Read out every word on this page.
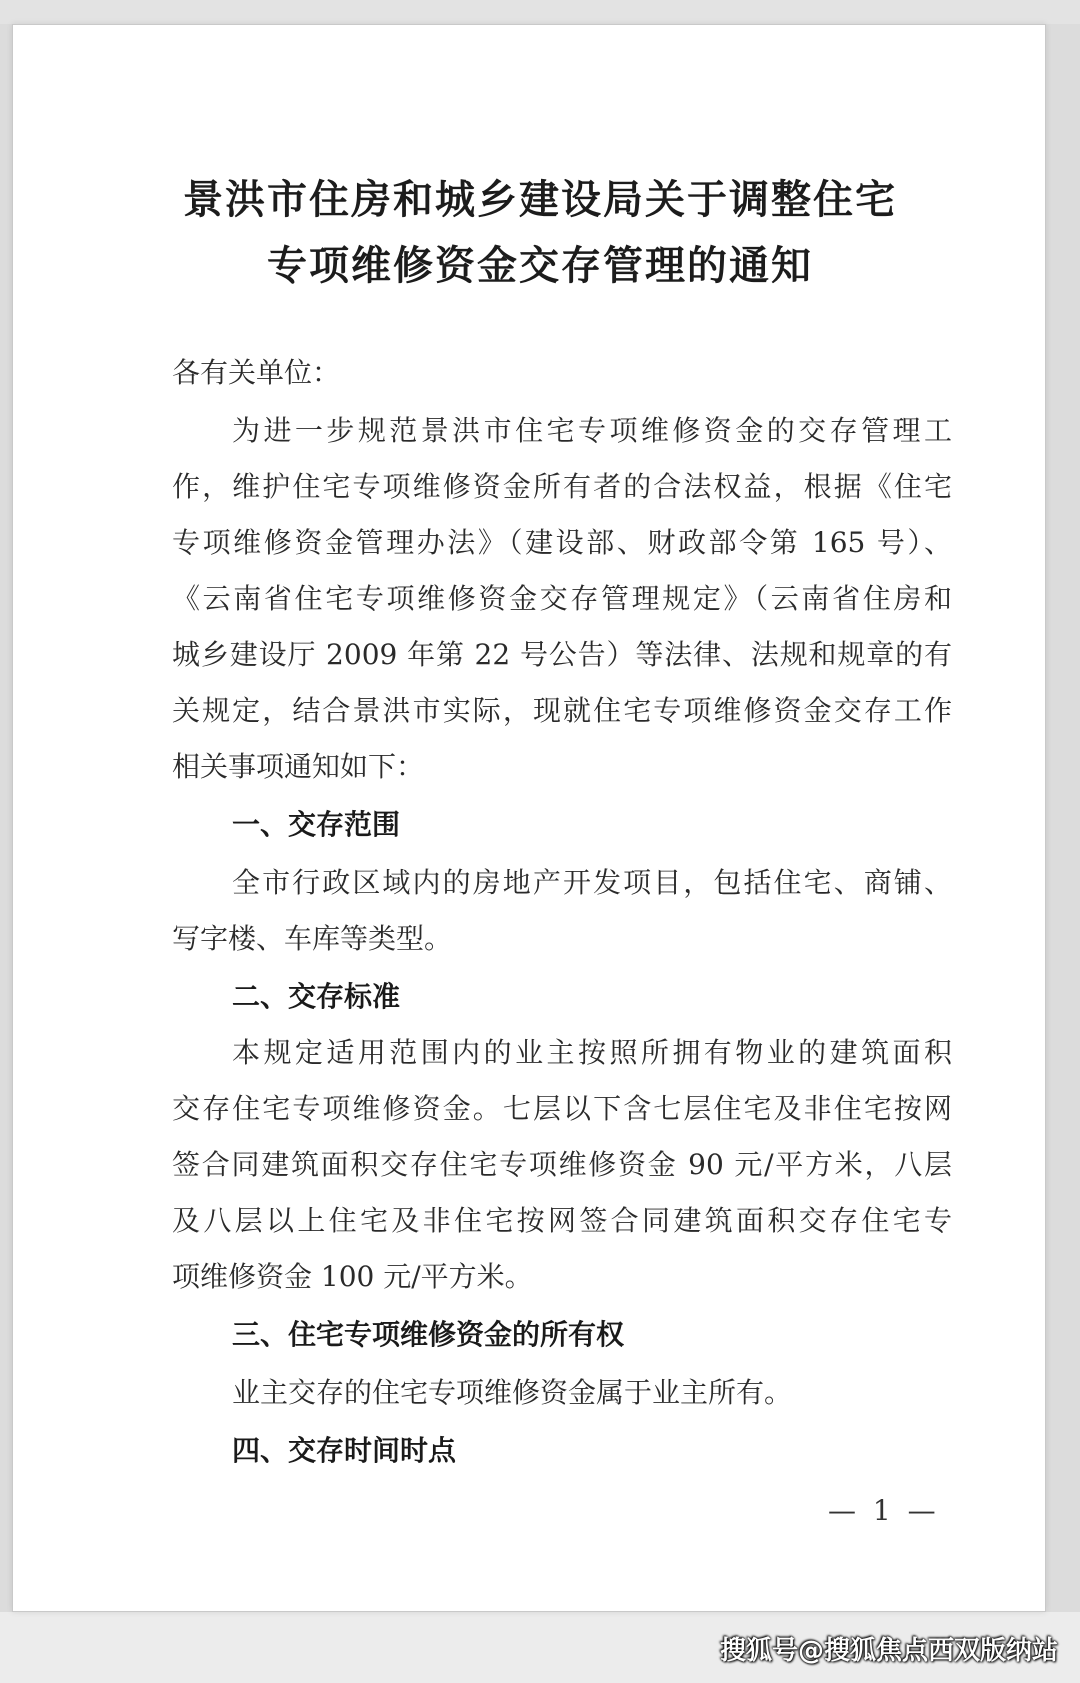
景洪市住房和城乡建设局关于调整住宅
专项维修资金交存管理的通知
各有关单位：
为进一步规范景洪市住宅专项维修资金的交存管理工
作，维护住宅专项维修资金所有者的合法权益，根据《住宅
专项维修资金管理办法》（建设部、财政部令第 165 号）、
《云南省住宅专项维修资金交存管理规定》（云南省住房和
城乡建设厅 2009 年第 22 号公告）等法律、法规和规章的有
关规定，结合景洪市实际，现就住宅专项维修资金交存工作
相关事项通知如下：
一、交存范围
全市行政区域内的房地产开发项目，包括住宅、商铺、
写字楼、车库等类型。
二、交存标准
本规定适用范围内的业主按照所拥有物业的建筑面积
交存住宅专项维修资金。七层以下含七层住宅及非住宅按网
签合同建筑面积交存住宅专项维修资金 90 元/平方米，八层
及八层以上住宅及非住宅按网签合同建筑面积交存住宅专
项维修资金 100 元/平方米。
三、住宅专项维修资金的所有权
业主交存的住宅专项维修资金属于业主所有。
四、交存时间时点
— 1 —
搜狐号@搜狐焦点西双版纳站
